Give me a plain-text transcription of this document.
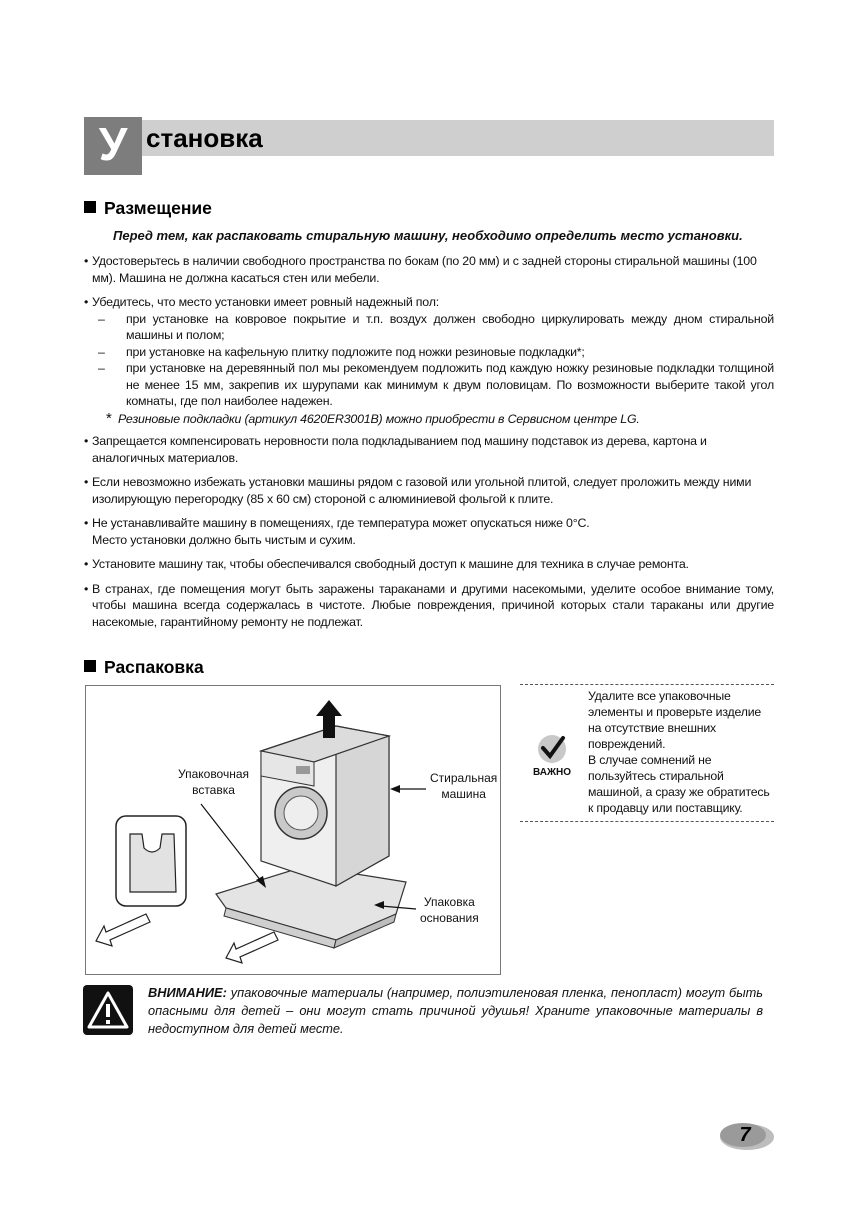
У становка
Размещение
Перед тем, как распаковать стиральную машину, необходимо определить место установки.
• Удостоверьтесь в наличии свободного пространства по бокам (по 20 мм) и с задней стороны стиральной машины (100 мм). Машина не должна касаться стен или мебели.
• Убедитесь, что место установки имеет ровный надежный пол:
– при установке на ковровое покрытие и т.п. воздух должен свободно циркулировать между дном стиральной машины и полом;
– при установке на кафельную плитку подложите под ножки резиновые подкладки*;
– при установке на деревянный пол мы рекомендуем подложить под каждую ножку резиновые подкладки толщиной не менее 15 мм, закрепив их шурупами как минимум к двум половицам. По возможности выберите такой угол комнаты, где пол наиболее надежен.
* Резиновые подкладки (артикул 4620ER3001B) можно приобрести в Сервисном центре LG.
• Запрещается компенсировать неровности пола подкладыванием под машину подставок из дерева, картона и аналогичных материалов.
• Если невозможно избежать установки машины рядом с газовой или угольной плитой, следует проложить между ними изолирующую перегородку (85 x 60 см) стороной с алюминиевой фольгой к плите.
• Не устанавливайте машину в помещениях, где температура может опускаться ниже 0°С.
Место установки должно быть чистым и сухим.
• Установите машину так, чтобы обеспечивался свободный доступ к машине для техника в случае ремонта.
• В странах, где помещения могут быть заражены тараканами и другими насекомыми, уделите особое внимание тому, чтобы машина всегда содержалась в чистоте. Любые повреждения, причиной которых стали тараканы или другие насекомые, гарантийному ремонту не подлежат.
Распаковка
Упаковочная
вставка
Стиральная
машина
Упаковка
основания
ВАЖНО
Удалите все упаковочные элементы и проверьте изделие на отсутствие внешних повреждений.
В случае сомнений не пользуйтесь стиральной машиной, а сразу же обратитесь к продавцу или поставщику.
ВНИМАНИЕ: упаковочные материалы (например, полиэтиленовая пленка, пенопласт) могут быть опасными для детей – они могут стать причиной удушья! Храните упаковочные материалы в недоступном для детей месте.
7
